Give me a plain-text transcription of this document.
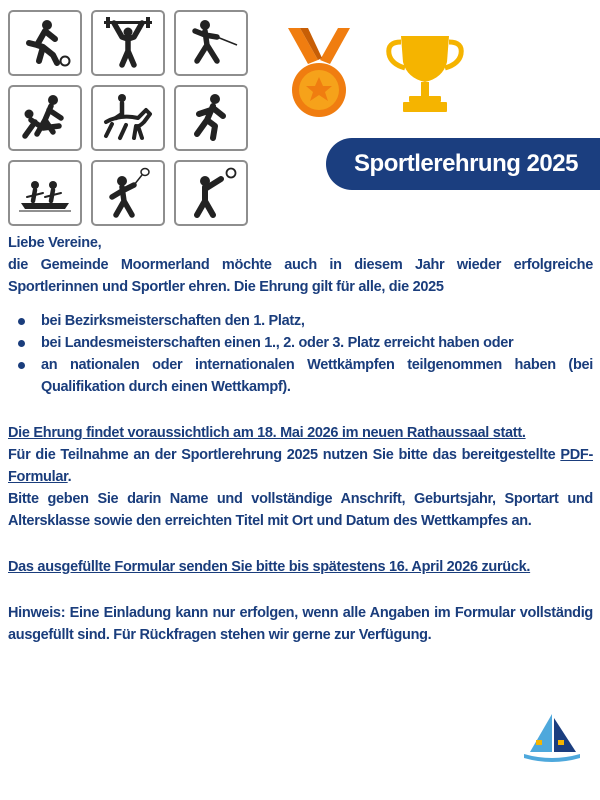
Sportlerehrung 2025

Liebe Vereine,

die Gemeinde Moormerland möchte auch in diesem Jahr wieder erfolgreiche Sportlerinnen und Sportler ehren. Die Ehrung gilt für alle, die 2025

bei Bezirksmeisterschaften den 1. Platz,
bei Landesmeisterschaften einen 1., 2. oder 3. Platz erreicht haben oder
an nationalen oder internationalen Wettkämpfen teilgenommen haben (bei Qualifikation durch einen Wettkampf).

Die Ehrung findet voraussichtlich am 18. Mai 2026 im neuen Rathaussaal statt.

Für die Teilnahme an der Sportlerehrung 2025 nutzen Sie bitte das bereitgestellte PDF-Formular.

Bitte geben Sie darin Name und vollständige Anschrift, Geburtsjahr, Sportart und Altersklasse sowie den erreichten Titel mit Ort und Datum des Wettkampfes an.

Das ausgefüllte Formular senden Sie bitte bis spätestens 16. April 2026 zurück.

Hinweis: Eine Einladung kann nur erfolgen, wenn alle Angaben im Formular vollständig ausgefüllt sind. Für Rückfragen stehen wir gerne zur Verfügung.
